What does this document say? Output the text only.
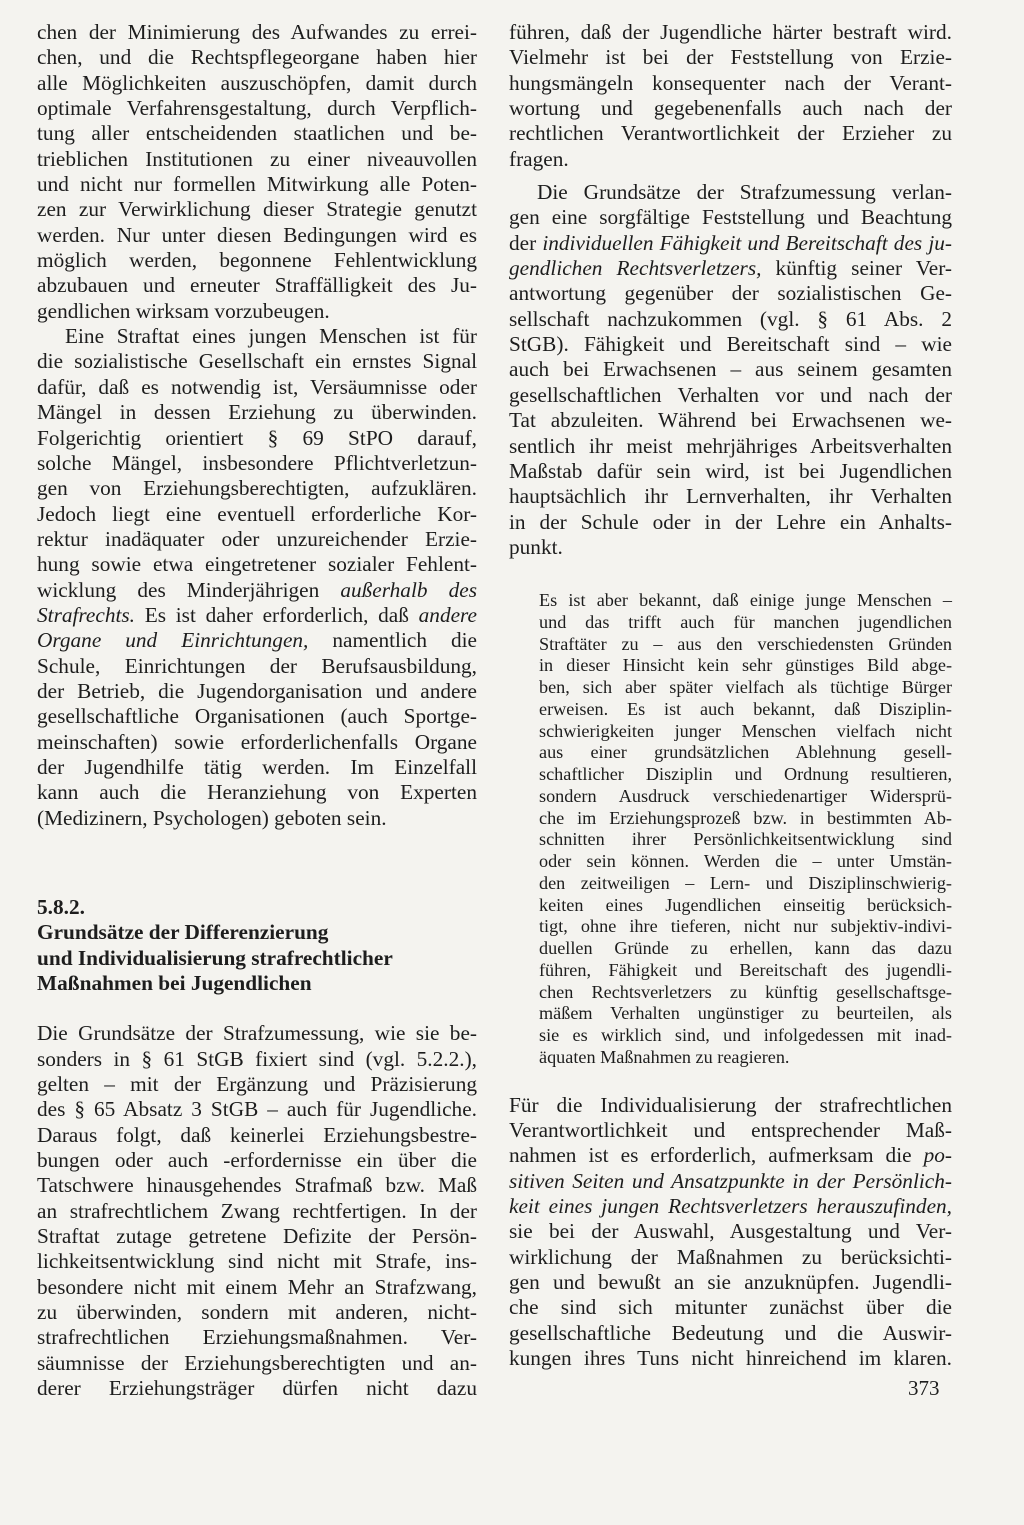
chen der Minimierung des Aufwandes zu errei-
chen, und die Rechtspflegeorgane haben hier
alle Möglichkeiten auszuschöpfen, damit durch
optimale Verfahrensgestaltung, durch Verpflich-
tung aller entscheidenden staatlichen und be-
trieblichen Institutionen zu einer niveauvollen
und nicht nur formellen Mitwirkung alle Poten-
zen zur Verwirklichung dieser Strategie genutzt
werden. Nur unter diesen Bedingungen wird es
möglich werden, begonnene Fehlentwicklung
abzubauen und erneuter Straffälligkeit des Ju-
gendlichen wirksam vorzubeugen.

Eine Straftat eines jungen Menschen ist für

die sozialistische Gesellschaft ein ernstes Signal
dafür, daß es notwendig ist, Versäumnisse oder
Mängel in dessen Erziehung zu überwinden.
Folgerichtig orientiert § 69 StPO darauf,
solche Mängel, insbesondere Pflichtverletzun-
gen von Erziehungsberechtigten, aufzuklären.
Jedoch liegt eine eventuell erforderliche Kor-
rektur inadäquater oder unzureichender Erzie-
hung sowie etwa eingetretener sozialer Fehlent-
wicklung des Minderjährigen außerhalb des
Strafrechts. Es ist daher erforderlich, daß andere
Organe und Einrichtungen, namentlich die
Schule, Einrichtungen der Berufsausbildung,
der Betrieb, die Jugendorganisation und andere
gesellschaftliche Organisationen (auch Sportge-
meinschaften) sowie erforderlichenfalls Organe
der Jugendhilfe tätig werden. Im Einzelfall
kann auch die Heranziehung von Experten
(Medizinern, Psychologen) geboten sein.

5.8.2.
Grundsätze der Differenzierung
und Individualisierung strafrechtlicher
Maßnahmen bei Jugendlichen

Die Grundsätze der Strafzumessung, wie sie be-
sonders in § 61 StGB fixiert sind (vgl. 5.2.2.),
gelten – mit der Ergänzung und Präzisierung
des § 65 Absatz 3 StGB – auch für Jugendliche.
Daraus folgt, daß keinerlei Erziehungsbestre-
bungen oder auch -erfordernisse ein über die
Tatschwere hinausgehendes Strafmaß bzw. Maß
an strafrechtlichem Zwang rechtfertigen. In der
Straftat zutage getretene Defizite der Persön-
lichkeitsentwicklung sind nicht mit Strafe, ins-
besondere nicht mit einem Mehr an Strafzwang,
zu überwinden, sondern mit anderen, nicht-
strafrechtlichen Erziehungsmaßnahmen. Ver-
säumnisse der Erziehungsberechtigten und an-
derer Erziehungsträger dürfen nicht dazu

führen, daß der Jugendliche härter bestraft wird.
Vielmehr ist bei der Feststellung von Erzie-
hungsmängeln konsequenter nach der Verant-
wortung und gegebenenfalls auch nach der
rechtlichen Verantwortlichkeit der Erzieher zu
fragen.

Die Grundsätze der Strafzumessung verlan-
gen eine sorgfältige Feststellung und Beachtung
der individuellen Fähigkeit und Bereitschaft des ju-
gendlichen Rechtsverletzers, künftig seiner Ver-
antwortung gegenüber der sozialistischen Ge-
sellschaft nachzukommen (vgl. § 61 Abs. 2
StGB). Fähigkeit und Bereitschaft sind – wie
auch bei Erwachsenen – aus seinem gesamten
gesellschaftlichen Verhalten vor und nach der
Tat abzuleiten. Während bei Erwachsenen we-
sentlich ihr meist mehrjähriges Arbeitsverhalten
Maßstab dafür sein wird, ist bei Jugendlichen
hauptsächlich ihr Lernverhalten, ihr Verhalten
in der Schule oder in der Lehre ein Anhalts-
punkt.

Es ist aber bekannt, daß einige junge Menschen –
und das trifft auch für manchen jugendlichen
Straftäter zu – aus den verschiedensten Gründen
in dieser Hinsicht kein sehr günstiges Bild abge-
ben, sich aber später vielfach als tüchtige Bürger
erweisen. Es ist auch bekannt, daß Disziplin-
schwierigkeiten junger Menschen vielfach nicht
aus einer grundsätzlichen Ablehnung gesell-
schaftlicher Disziplin und Ordnung resultieren,
sondern Ausdruck verschiedenartiger Widersprü-
che im Erziehungsprozeß bzw. in bestimmten Ab-
schnitten ihrer Persönlichkeitsentwicklung sind
oder sein können. Werden die – unter Umstän-
den zeitweiligen – Lern- und Disziplinschwierig-
keiten eines Jugendlichen einseitig berücksich-
tigt, ohne ihre tieferen, nicht nur subjektiv-indivi-
duellen Gründe zu erhellen, kann das dazu
führen, Fähigkeit und Bereitschaft des jugendli-
chen Rechtsverletzers zu künftig gesellschaftsge-
mäßem Verhalten ungünstiger zu beurteilen, als
sie es wirklich sind, und infolgedessen mit inad-
äquaten Maßnahmen zu reagieren.

Für die Individualisierung der strafrechtlichen
Verantwortlichkeit und entsprechender Maß-
nahmen ist es erforderlich, aufmerksam die po-
sitiven Seiten und Ansatzpunkte in der Persönlich-
keit eines jungen Rechtsverletzers herauszufinden,
sie bei der Auswahl, Ausgestaltung und Ver-
wirklichung der Maßnahmen zu berücksichti-
gen und bewußt an sie anzuknüpfen. Jugendli-
che sind sich mitunter zunächst über die
gesellschaftliche Bedeutung und die Auswir-
kungen ihres Tuns nicht hinreichend im klaren.

373
